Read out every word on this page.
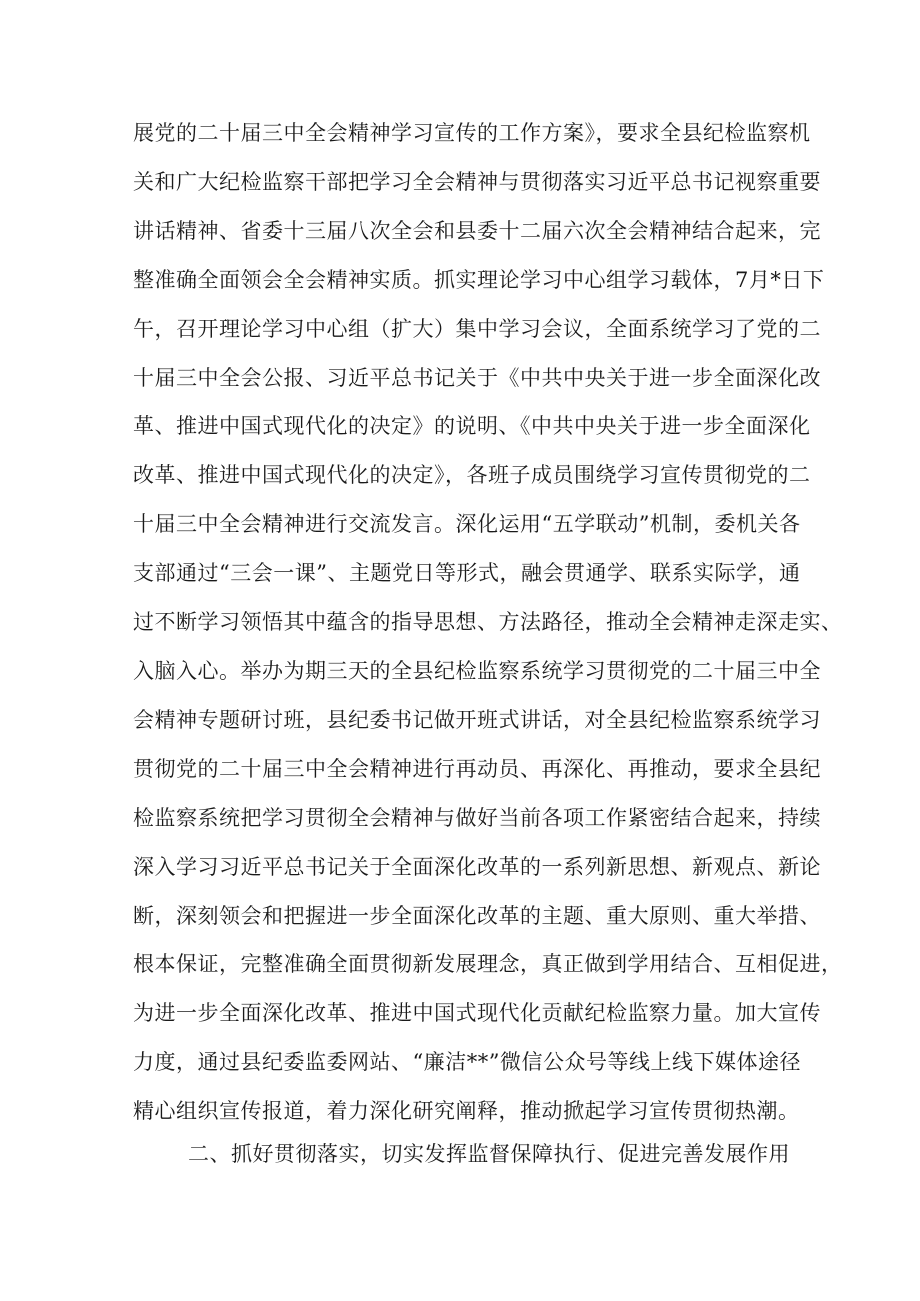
展党的二十届三中全会精神学习宣传的工作方案》，要求全县纪检监察机
关和广大纪检监察干部把学习全会精神与贯彻落实习近平总书记视察重要
讲话精神、省委十三届八次全会和县委十二届六次全会精神结合起来，完
整准确全面领会全会精神实质。抓实理论学习中心组学习载体，7月*日下
午，召开理论学习中心组（扩大）集中学习会议，全面系统学习了党的二
十届三中全会公报、习近平总书记关于《中共中央关于进一步全面深化改
革、推进中国式现代化的决定》的说明、《中共中央关于进一步全面深化
改革、推进中国式现代化的决定》，各班子成员围绕学习宣传贯彻党的二
十届三中全会精神进行交流发言。深化运用“五学联动”机制，委机关各
支部通过“三会一课”、主题党日等形式，融会贯通学、联系实际学，通
过不断学习领悟其中蕴含的指导思想、方法路径，推动全会精神走深走实、
入脑入心。举办为期三天的全县纪检监察系统学习贯彻党的二十届三中全
会精神专题研讨班，县纪委书记做开班式讲话，对全县纪检监察系统学习
贯彻党的二十届三中全会精神进行再动员、再深化、再推动，要求全县纪
检监察系统把学习贯彻全会精神与做好当前各项工作紧密结合起来，持续
深入学习习近平总书记关于全面深化改革的一系列新思想、新观点、新论
断，深刻领会和把握进一步全面深化改革的主题、重大原则、重大举措、
根本保证，完整准确全面贯彻新发展理念，真正做到学用结合、互相促进，
为进一步全面深化改革、推进中国式现代化贡献纪检监察力量。加大宣传
力度，通过县纪委监委网站、“廉洁**”微信公众号等线上线下媒体途径
精心组织宣传报道，着力深化研究阐释，推动掀起学习宣传贯彻热潮。

二、抓好贯彻落实，切实发挥监督保障执行、促进完善发展作用
